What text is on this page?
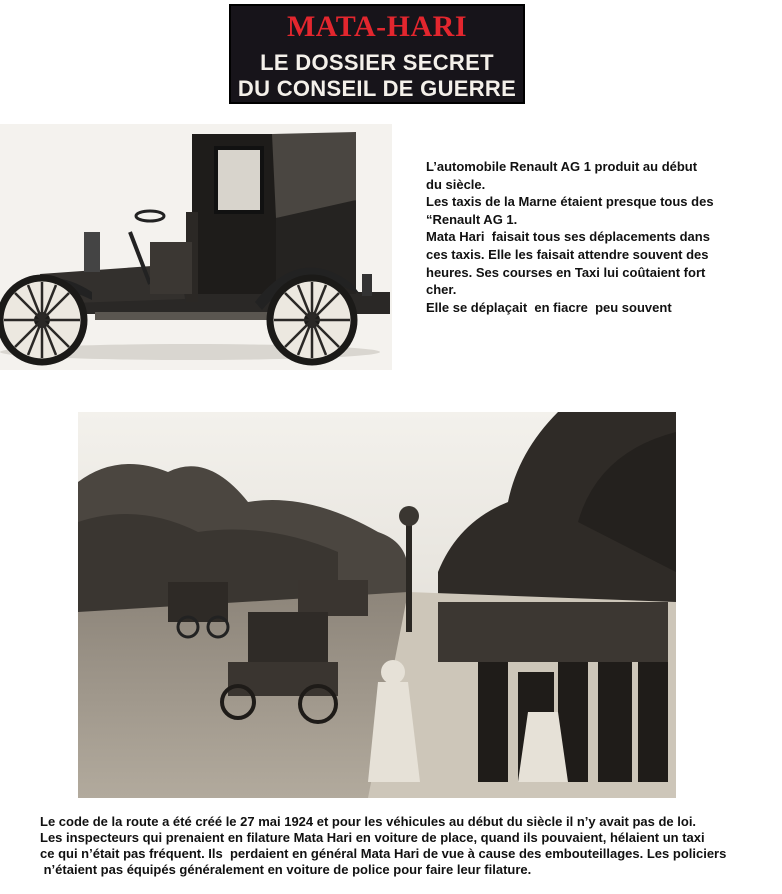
MATA-HARI
LE DOSSIER SECRET
DU CONSEIL DE GUERRE
L’automobile Renault AG 1 produit au début
du siècle.
Les taxis de la Marne étaient presque tous des
“Renault AG 1.
Mata Hari  faisait tous ses déplacements dans
ces taxis. Elle les faisait attendre souvent des
heures. Ses courses en Taxi lui coûtaient fort
cher.
Elle se déplaçait  en fiacre  peu souvent
Le code de la route a été créé le 27 mai 1924 et pour les véhicules au début du siècle il n’y avait pas de loi.
Les inspecteurs qui prenaient en filature Mata Hari en voiture de place, quand ils pouvaient, hélaient un taxi
ce qui n’était pas fréquent. Ils  perdaient en général Mata Hari de vue à cause des embouteillages. Les policiers
n’étaient pas équipés généralement en voiture de police pour faire leur filature.
